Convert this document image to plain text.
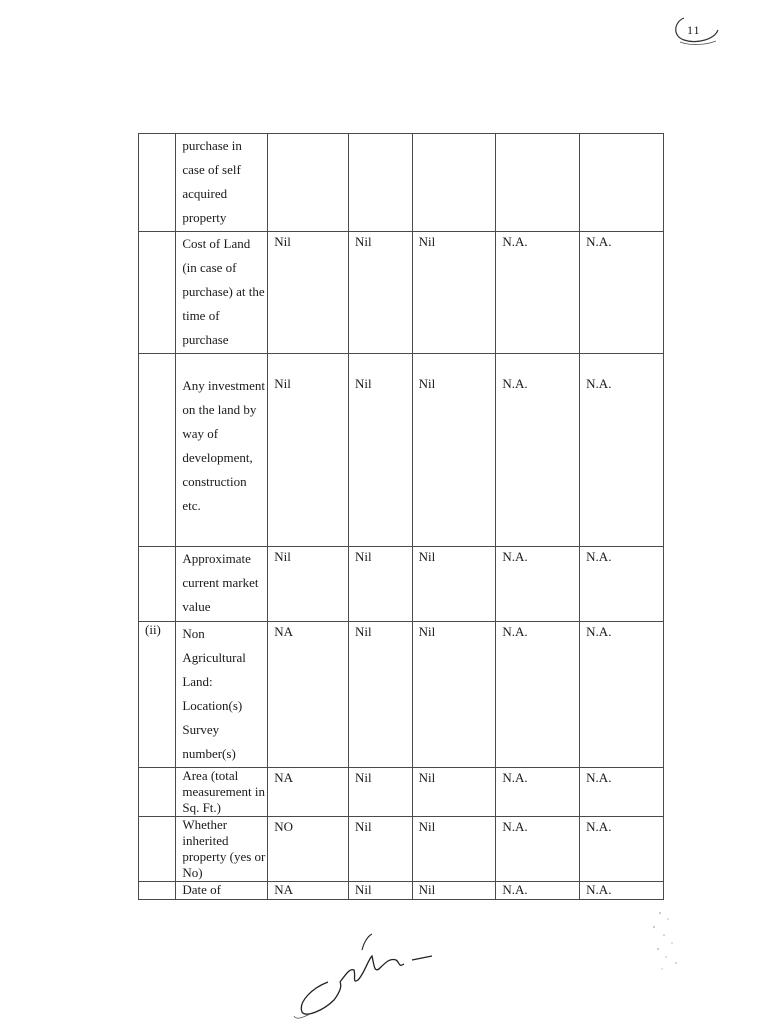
11
	purchase in case of self acquired property					
	Cost of Land (in case of purchase) at the time of purchase	Nil	Nil	Nil	N.A.	N.A.

	Any investment on the land by way of development, construction etc.	Nil	Nil	Nil	N.A.	N.A.

	Approximate current market value	Nil	Nil	Nil	N.A.	N.A.

(ii)	Non Agricultural Land: Location(s) Survey number(s)	NA	Nil	Nil	N.A.	N.A.

	Area (total measurement in Sq. Ft.)	NA	Nil	Nil	N.A.	N.A.

	Whether inherited property (yes or No)	NO	Nil	Nil	N.A.	N.A.

	Date of	NA	Nil	Nil	N.A.	N.A.
